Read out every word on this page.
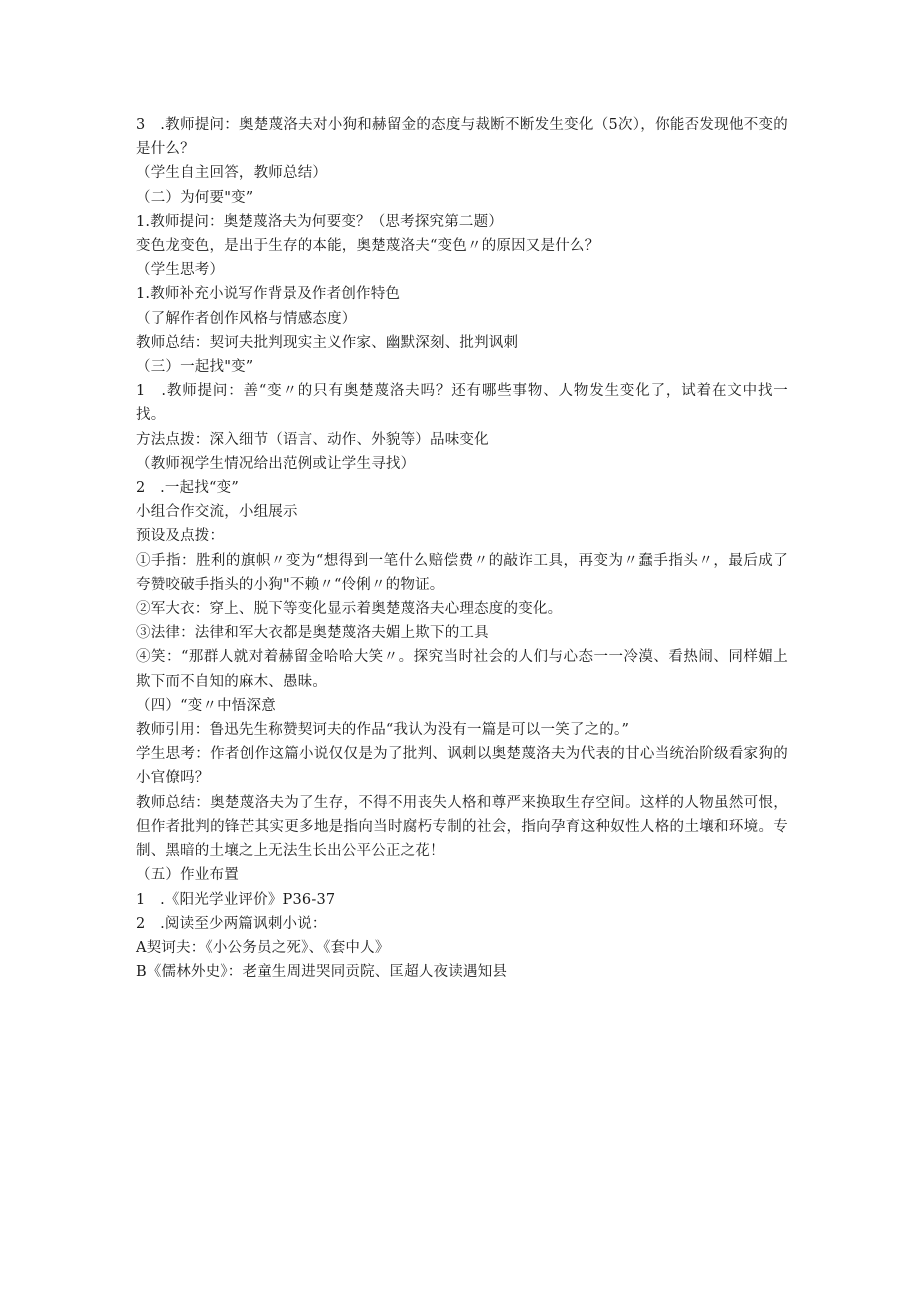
3　.教师提问：奥楚蔑洛夫对小狗和赫留金的态度与裁断不断发生变化（5次），你能否发现他不变的是什么？

（学生自主回答，教师总结）

（二）为何要"变”

1.教师提问：奥楚蔑洛夫为何要变？（思考探究第二题）

变色龙变色，是出于生存的本能，奥楚蔑洛夫“变色〃的原因又是什么？

（学生思考）

1.教师补充小说写作背景及作者创作特色

（了解作者创作风格与情感态度）

教师总结：契诃夫批判现实主义作家、幽默深刻、批判讽刺

（三）一起找"变”

1　.教师提问：善“变〃的只有奥楚蔑洛夫吗？还有哪些事物、人物发生变化了，试着在文中找一找。

方法点拨：深入细节（语言、动作、外貌等）品味变化

（教师视学生情况给出范例或让学生寻找）

2　.一起找“变”

小组合作交流，小组展示

预设及点拨：

①手指：胜利的旗帜〃变为“想得到一笔什么赔偿费〃的敲诈工具，再变为〃蠢手指头〃，最后成了夸赞咬破手指头的小狗"不赖〃“伶俐〃的物证。

②军大衣：穿上、脱下等变化显示着奥楚蔑洛夫心理态度的变化。

③法律：法律和军大衣都是奥楚蔑洛夫媚上欺下的工具

④笑：“那群人就对着赫留金哈哈大笑〃。探究当时社会的人们与心态一一冷漠、看热闹、同样媚上欺下而不自知的麻木、愚昧。

（四）“变〃中悟深意

教师引用：鲁迅先生称赞契诃夫的作品“我认为没有一篇是可以一笑了之的。”

学生思考：作者创作这篇小说仅仅是为了批判、讽刺以奥楚蔑洛夫为代表的甘心当统治阶级看家狗的小官僚吗？

教师总结：奥楚蔑洛夫为了生存，不得不用丧失人格和尊严来换取生存空间。这样的人物虽然可恨，但作者批判的锋芒其实更多地是指向当时腐朽专制的社会，指向孕育这种奴性人格的土壤和环境。专制、黑暗的土壤之上无法生长出公平公正之花！

（五）作业布置

1　.《阳光学业评价》P36-37

2　.阅读至少两篇讽刺小说：

A契诃夫：《小公务员之死》、《套中人》

B《儒林外史》：老童生周进哭同贡院、匡超人夜读遇知县
